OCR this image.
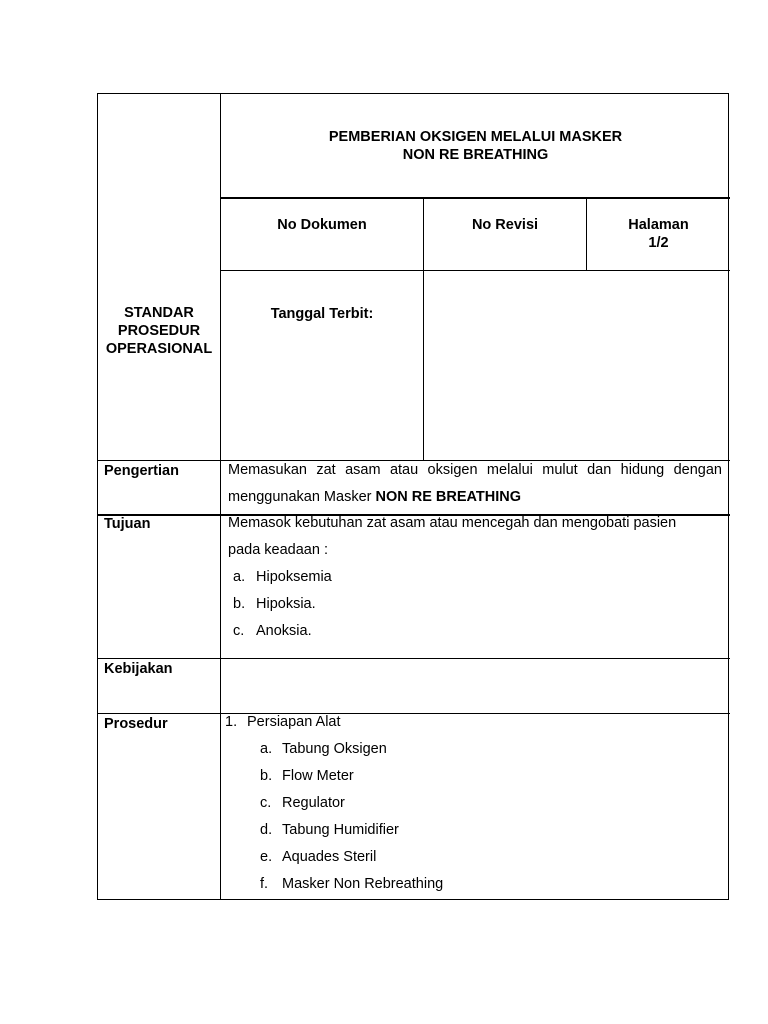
PEMBERIAN OKSIGEN MELALUI MASKER
NON RE BREATHING
No Dokumen	No Revisi	Halaman
1/2
STANDAR
PROSEDUR
OPERASIONAL
Tanggal Terbit:
Pengertian	Memasukan zat asam atau oksigen melalui mulut dan hidung dengan
menggunakan Masker NON RE BREATHING
Tujuan	Memasok kebutuhan zat asam atau mencegah dan mengobati pasien
pada keadaan :
a. Hipoksemia
b. Hipoksia.
c. Anoksia.
Kebijakan
Prosedur	1. Persiapan Alat
a. Tabung Oksigen
b. Flow Meter
c. Regulator
d. Tabung Humidifier
e. Aquades Steril
f. Masker Non Rebreathing
